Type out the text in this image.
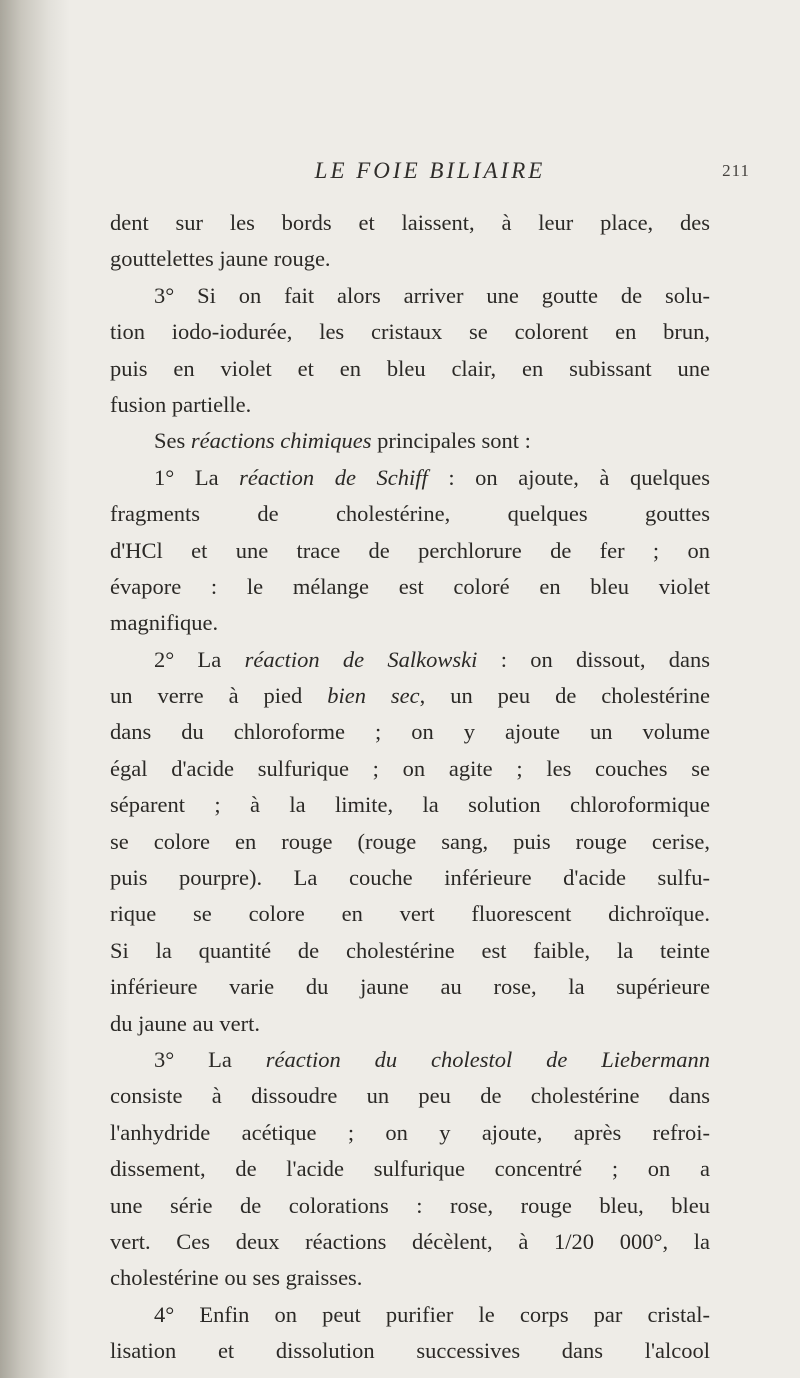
LE FOIE BILIAIRE	211
dent sur les bords et laissent, à leur place, des
gouttelettes jaune rouge.
3° Si on fait alors arriver une goutte de solu-
tion iodo-iodurée, les cristaux se colorent en brun,
puis en violet et en bleu clair, en subissant une
fusion partielle.
Ses réactions chimiques principales sont :
1° La réaction de Schiff : on ajoute, à quelques
fragments de cholestérine, quelques gouttes
d'HCl et une trace de perchlorure de fer ; on
évapore : le mélange est coloré en bleu violet
magnifique.
2° La réaction de Salkowski : on dissout, dans
un verre à pied bien sec, un peu de cholestérine
dans du chloroforme ; on y ajoute un volume
égal d'acide sulfurique ; on agite ; les couches se
séparent ; à la limite, la solution chloroformique
se colore en rouge (rouge sang, puis rouge cerise,
puis pourpre). La couche inférieure d'acide sulfu-
rique se colore en vert fluorescent dichroïque.
Si la quantité de cholestérine est faible, la teinte
inférieure varie du jaune au rose, la supérieure
du jaune au vert.
3° La réaction du cholestol de Liebermann
consiste à dissoudre un peu de cholestérine dans
l'anhydride acétique ; on y ajoute, après refroi-
dissement, de l'acide sulfurique concentré ; on a
une série de colorations : rose, rouge bleu, bleu
vert. Ces deux réactions décèlent, à 1/20 000°, la
cholestérine ou ses graisses.
4° Enfin on peut purifier le corps par cristal-
lisation et dissolution successives dans l'alcool
